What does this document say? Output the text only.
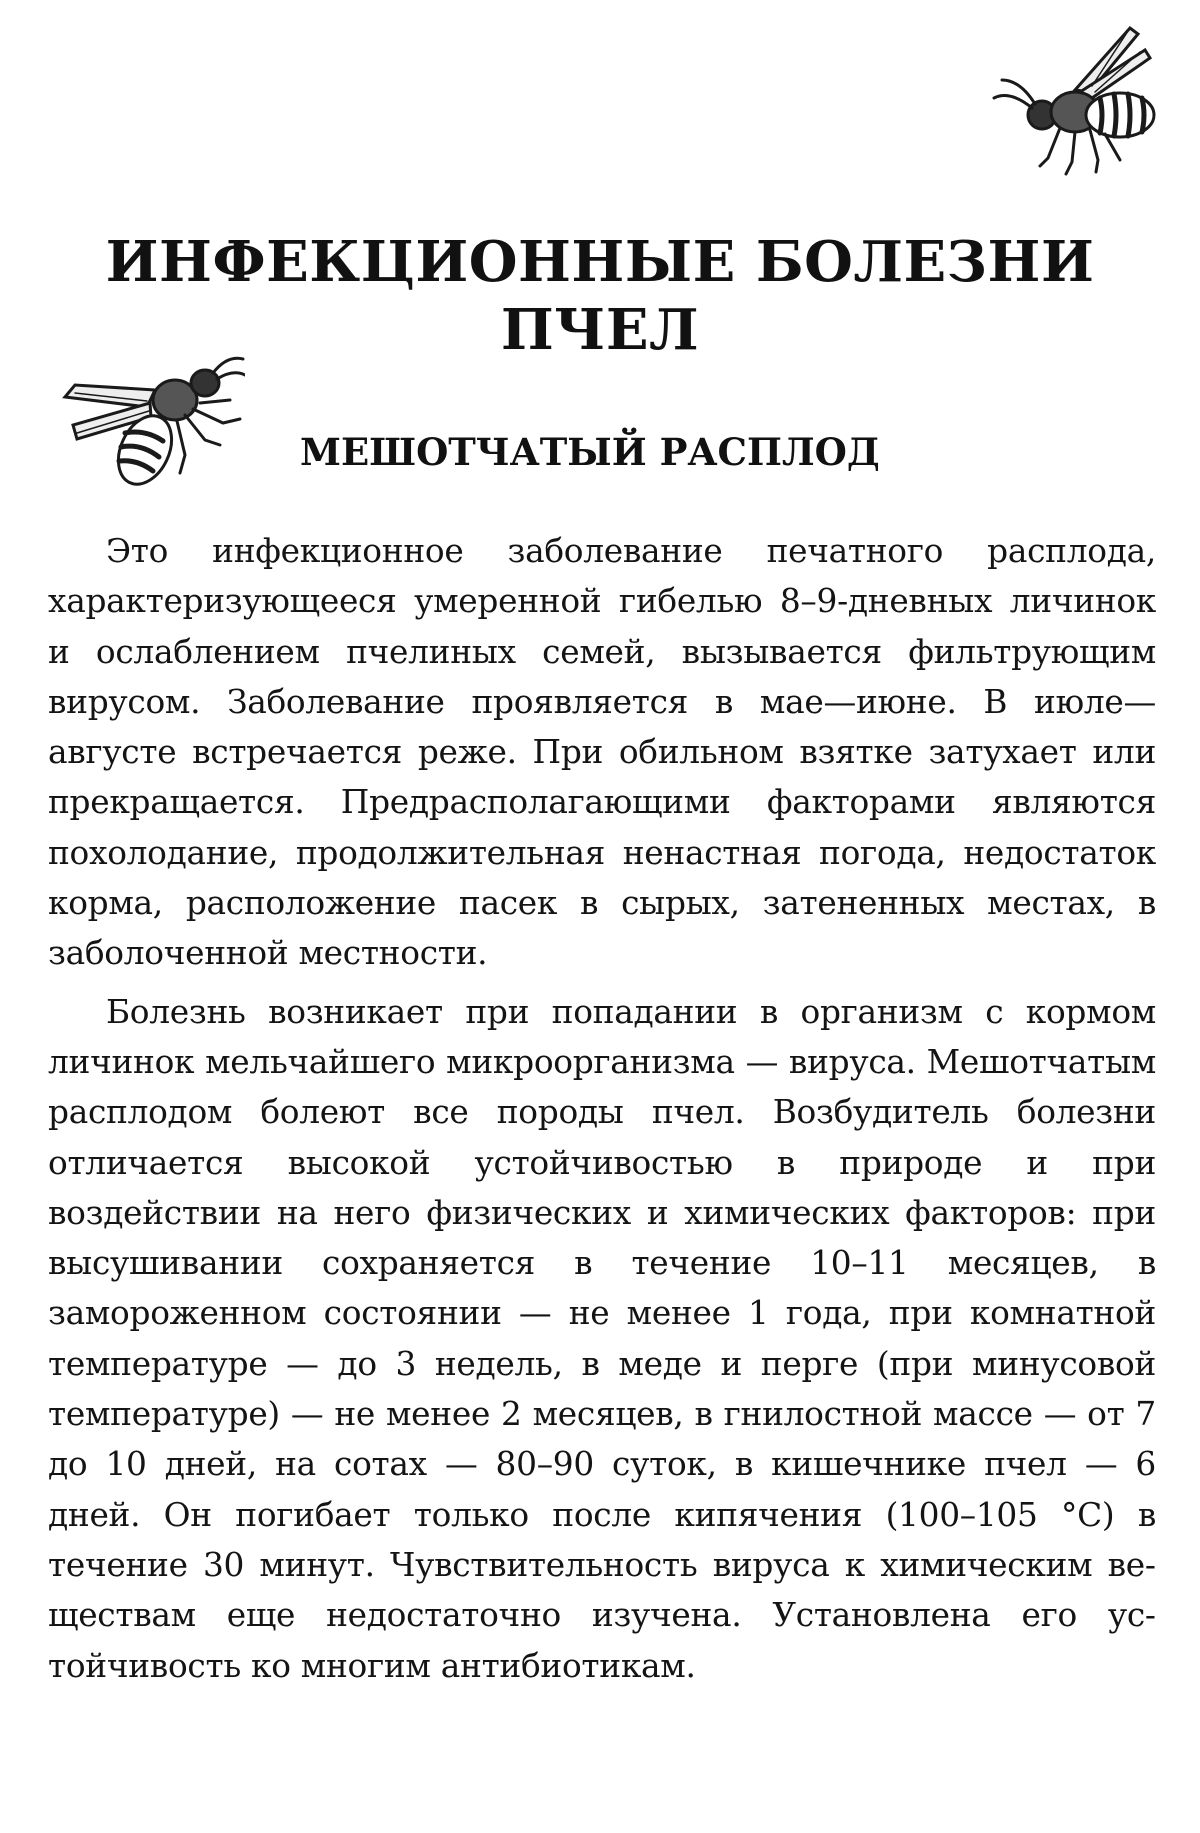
ИНФЕКЦИОННЫЕ БОЛЕЗНИ ПЧЕЛ
МЕШОТЧАТЫЙ РАСПЛОД

Это инфекционное заболевание печатного расплода, характеризующееся умеренной гибелью 8–9-дневных личинок и ослаблением пчелиных семей, вызывается фильтрующим вирусом. Заболевание проявляется в мае—июне. В июле—августе встречается реже. При обильном взятке затухает или прекращается. Предрасполагающими факторами являются похолодание, продолжительная ненастная погода, недостаток корма, расположение пасек в сырых, затененных местах, в заболоченной местности.

Болезнь возникает при попадании в организм с кормом личинок мельчайшего микроорганизма — вируса. Мешотчатым расплодом болеют все породы пчел. Возбудитель болезни отличается высокой устойчивостью в природе и при воздействии на него физических и химических факторов: при высушивании сохраняется в течение 10–11 месяцев, в замороженном состоянии — не менее 1 года, при комнатной температуре — до 3 недель, в меде и перге (при минусовой температуре) — не менее 2 месяцев, в гнилостной массе — от 7 до 10 дней, на сотах — 80–90 суток, в кишечнике пчел — 6 дней. Он погибает только после кипячения (100–105 °С) в течение 30 минут. Чувствительность вируса к химическим веществам еще недостаточно изучена. Установлена его устойчивость ко многим антибиотикам.
